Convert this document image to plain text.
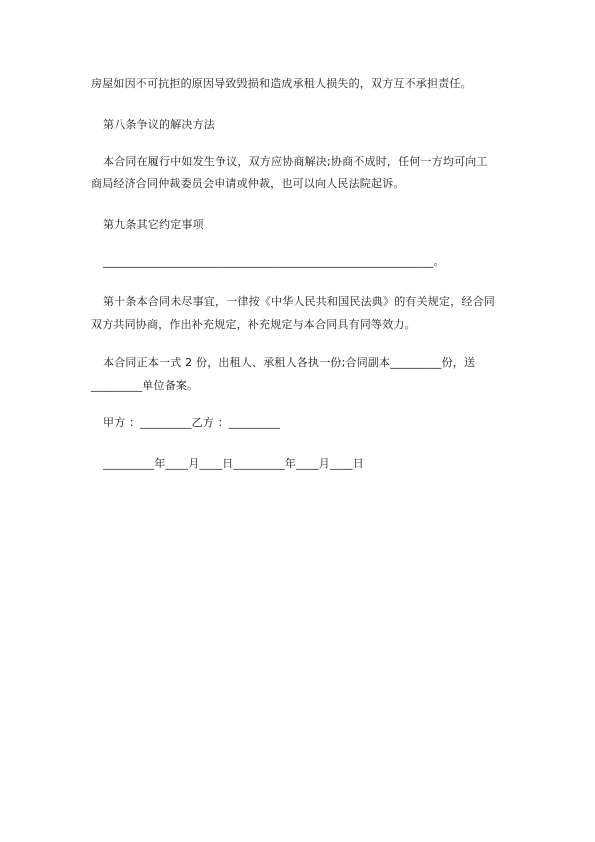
房屋如因不可抗拒的原因导致毁损和造成承租人损失的，双方互不承担责任。
第八条争议的解决方法
本合同在履行中如发生争议，双方应协商解决;协商不成时，任何一方均可向工
商局经济合同仲裁委员会申请或仲裁，也可以向人民法院起诉。
第九条其它约定事项
__________________________________________________________。
第十条本合同未尽事宜，一律按《中华人民共和国民法典》的有关规定，经合同
双方共同协商，作出补充规定，补充规定与本合同具有同等效力。
本合同正本一式 2 份，出租人、承租人各执一份;合同副本_________份，送
_________单位备案。
甲方 ：_________乙方 ：_________
_________年____月____日_________年____月____日
